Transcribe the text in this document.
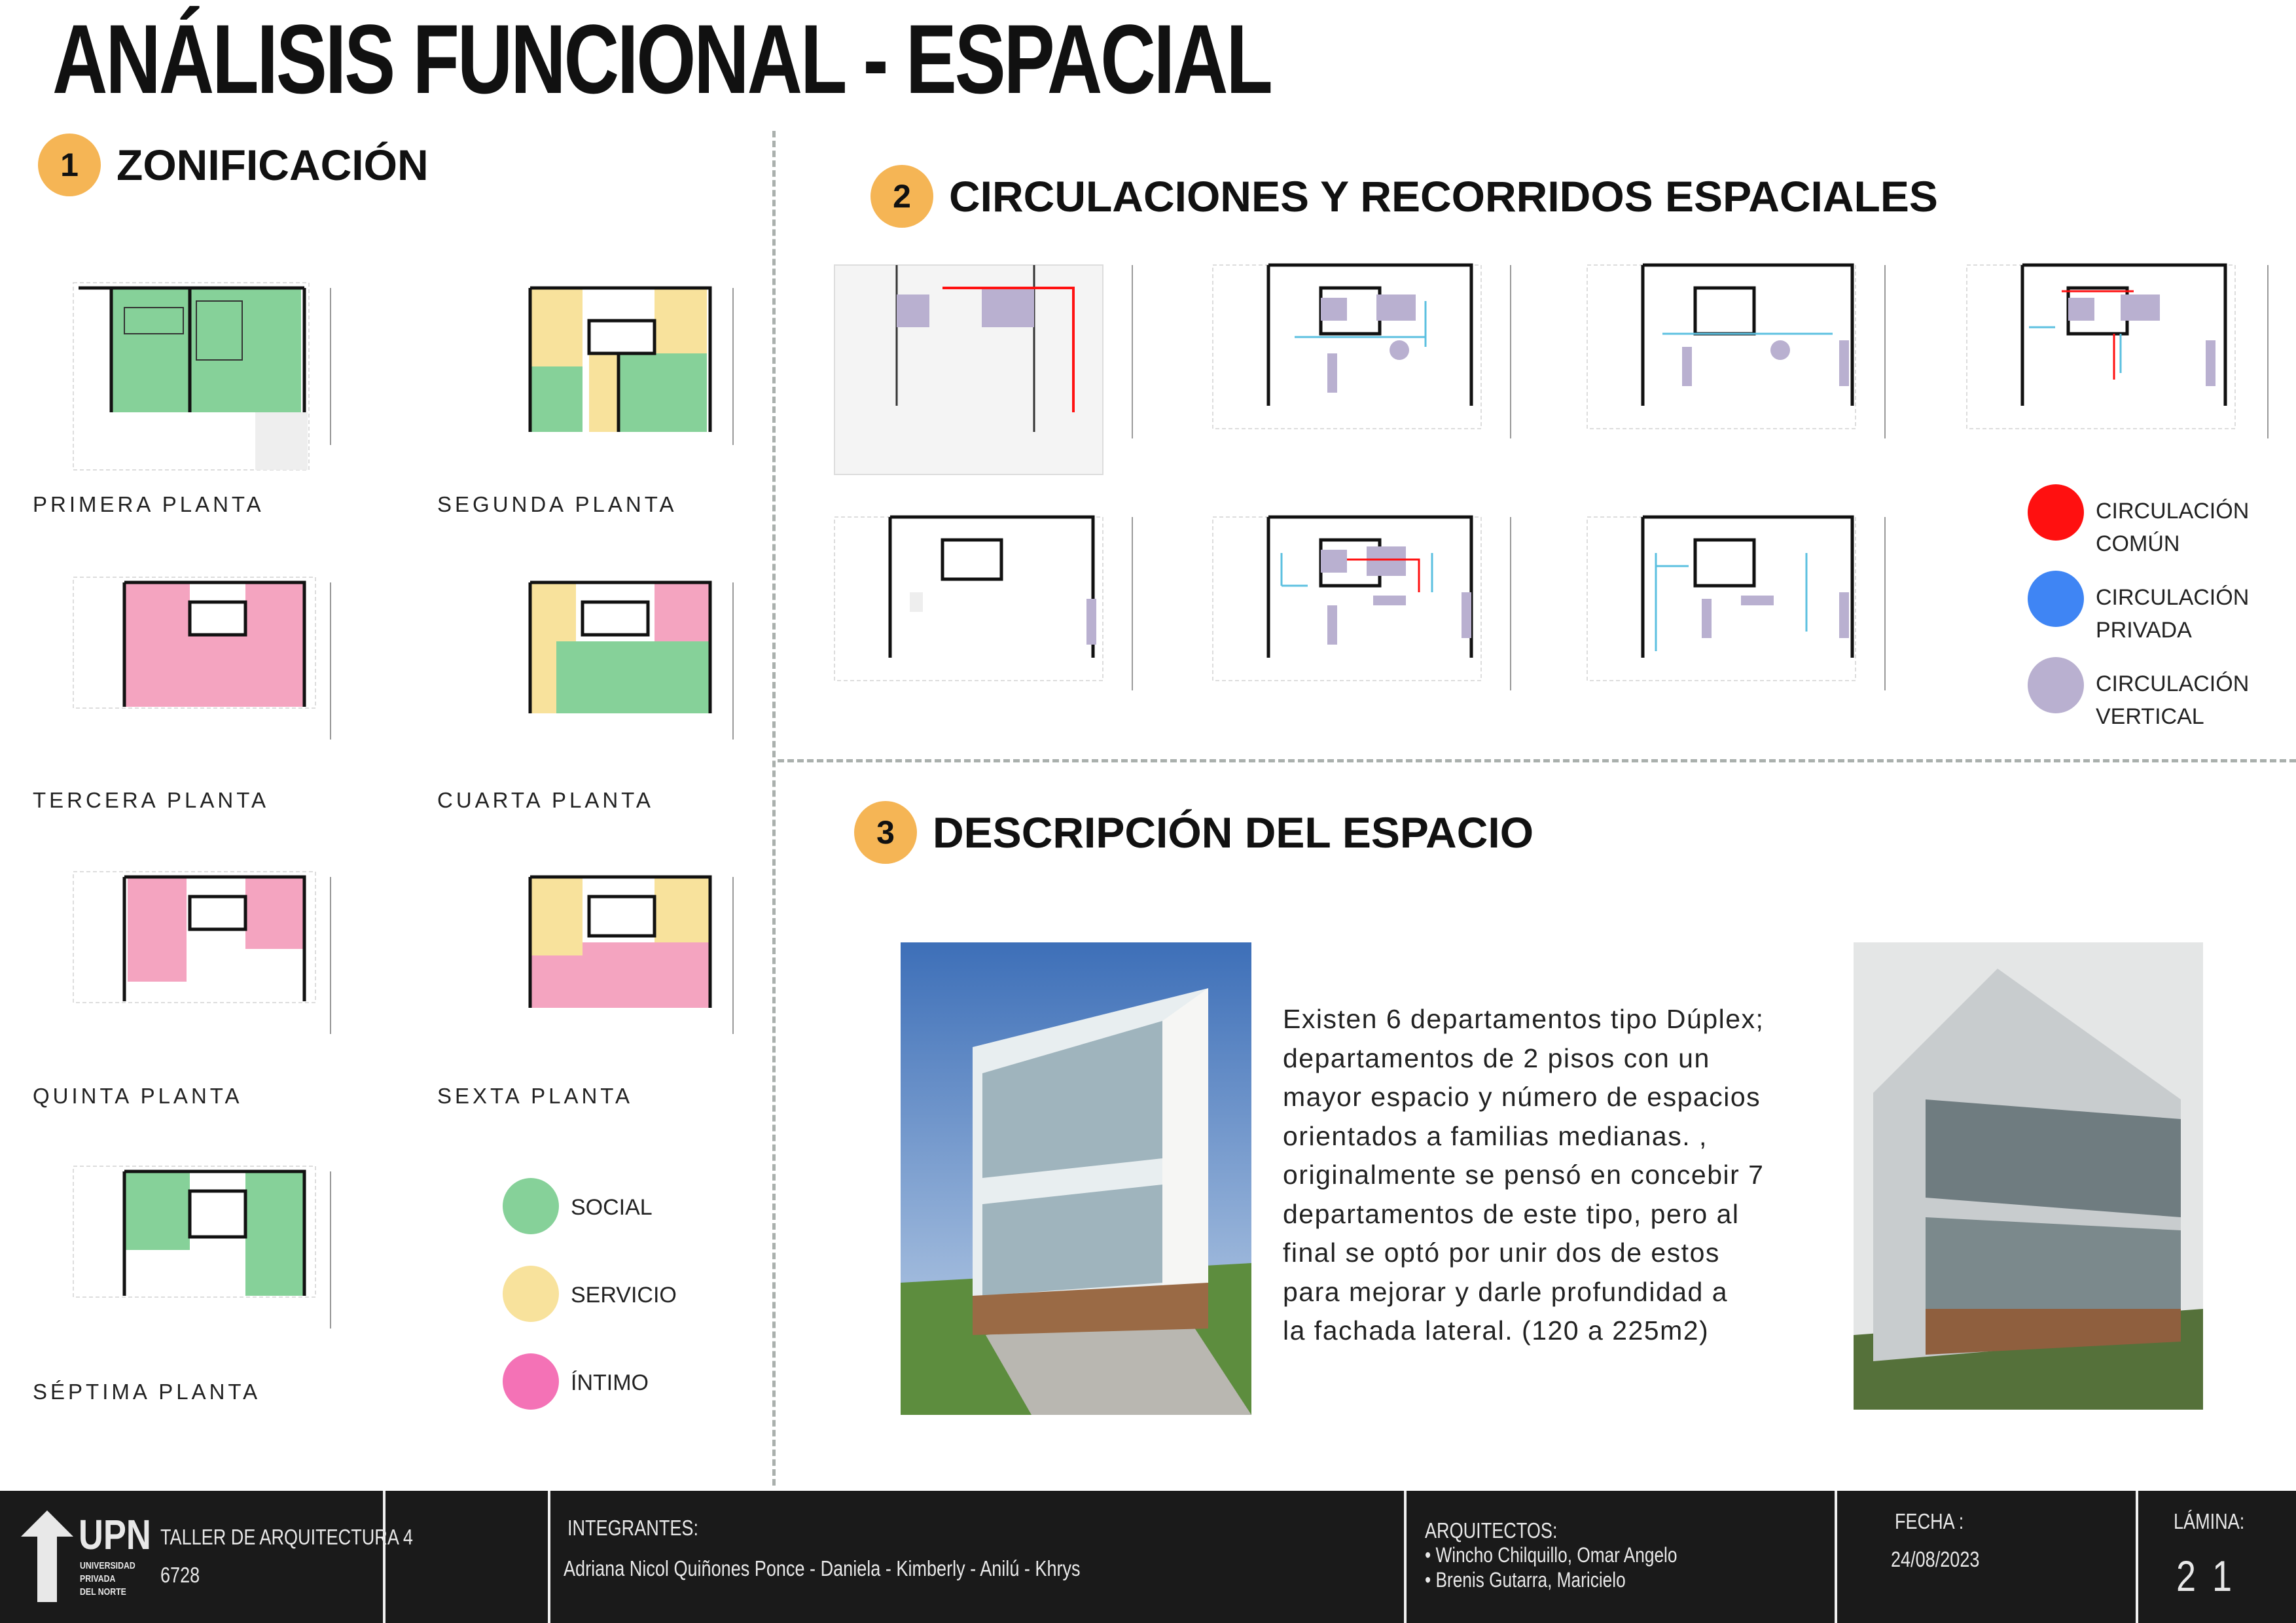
ANÁLISIS FUNCIONAL - ESPACIAL
1 ZONIFICACIÓN
2 CIRCULACIONES Y RECORRIDOS ESPACIALES
3 DESCRIPCIÓN DEL ESPACIO
PRIMERA PLANTA	SEGUNDA PLANTA
TERCERA PLANTA	CUARTA PLANTA
QUINTA PLANTA	SEXTA PLANTA
SÉPTIMA PLANTA
SOCIAL
SERVICIO
ÍNTIMO
CIRCULACIÓN
COMÚN
CIRCULACIÓN
PRIVADA
CIRCULACIÓN
VERTICAL
Existen 6 departamentos tipo Dúplex;
departamentos de 2 pisos con un
mayor espacio y número de espacios
orientados a familias medianas. ,
originalmente se pensó en concebir 7
departamentos de este tipo, pero al
final se optó por unir dos de estos
para mejorar y darle profundidad a
la fachada lateral. (120 a 225m2)
UPN
UNIVERSIDAD
PRIVADA
DEL NORTE
TALLER DE ARQUITECTURA 4
6728
INTEGRANTES:
Adriana Nicol Quiñones Ponce - Daniela - Kimberly - Anilú - Khrys
ARQUITECTOS:
• Wincho Chilquillo, Omar Angelo
• Brenis Gutarra, Maricielo
FECHA :
24/08/2023
LÁMINA:
2 1
